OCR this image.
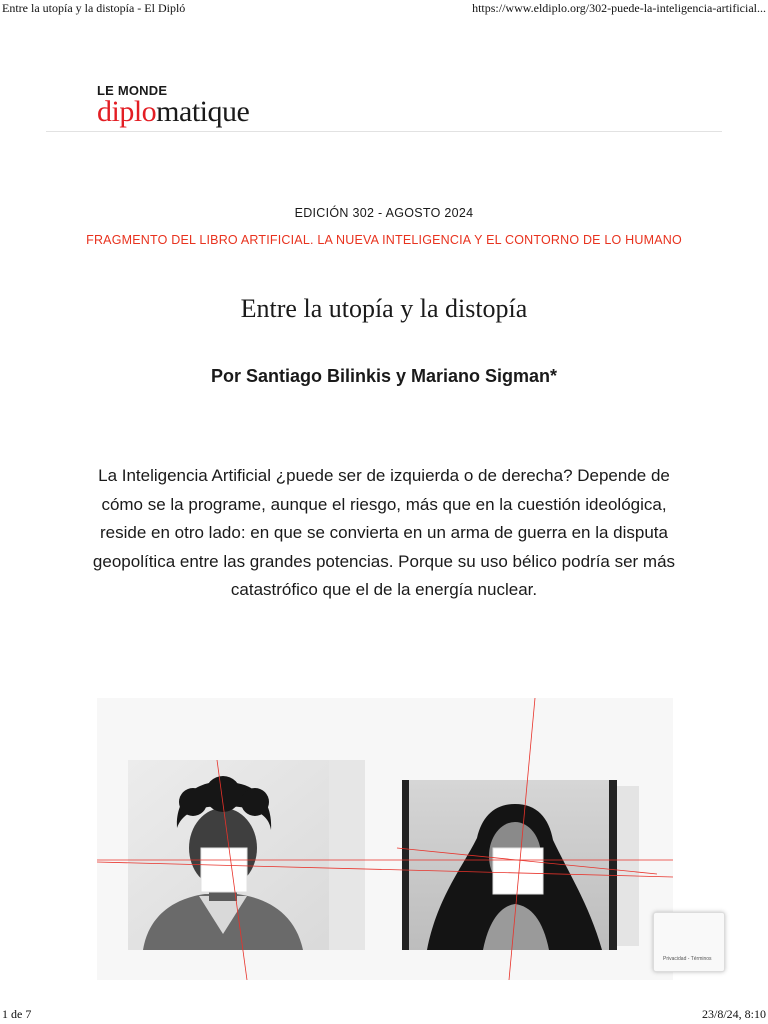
Entre la utopía y la distopía - El Dipló	https://www.eldiplo.org/302-puede-la-inteligencia-artificial...
LE MONDE
diplomatique
EDICIÓN 302 - AGOSTO 2024
FRAGMENTO DEL LIBRO ARTIFICIAL. LA NUEVA INTELIGENCIA Y EL CONTORNO DE LO HUMANO
Entre la utopía y la distopía
Por Santiago Bilinkis y Mariano Sigman*
La Inteligencia Artificial ¿puede ser de izquierda o de derecha? Depende de cómo se la programe, aunque el riesgo, más que en la cuestión ideológica, reside en otro lado: en que se convierta en un arma de guerra en la disputa geopolítica entre las grandes potencias. Porque su uso bélico podría ser más catastrófico que el de la energía nuclear.
Privacidad - Términos
1 de 7	23/8/24, 8:10
